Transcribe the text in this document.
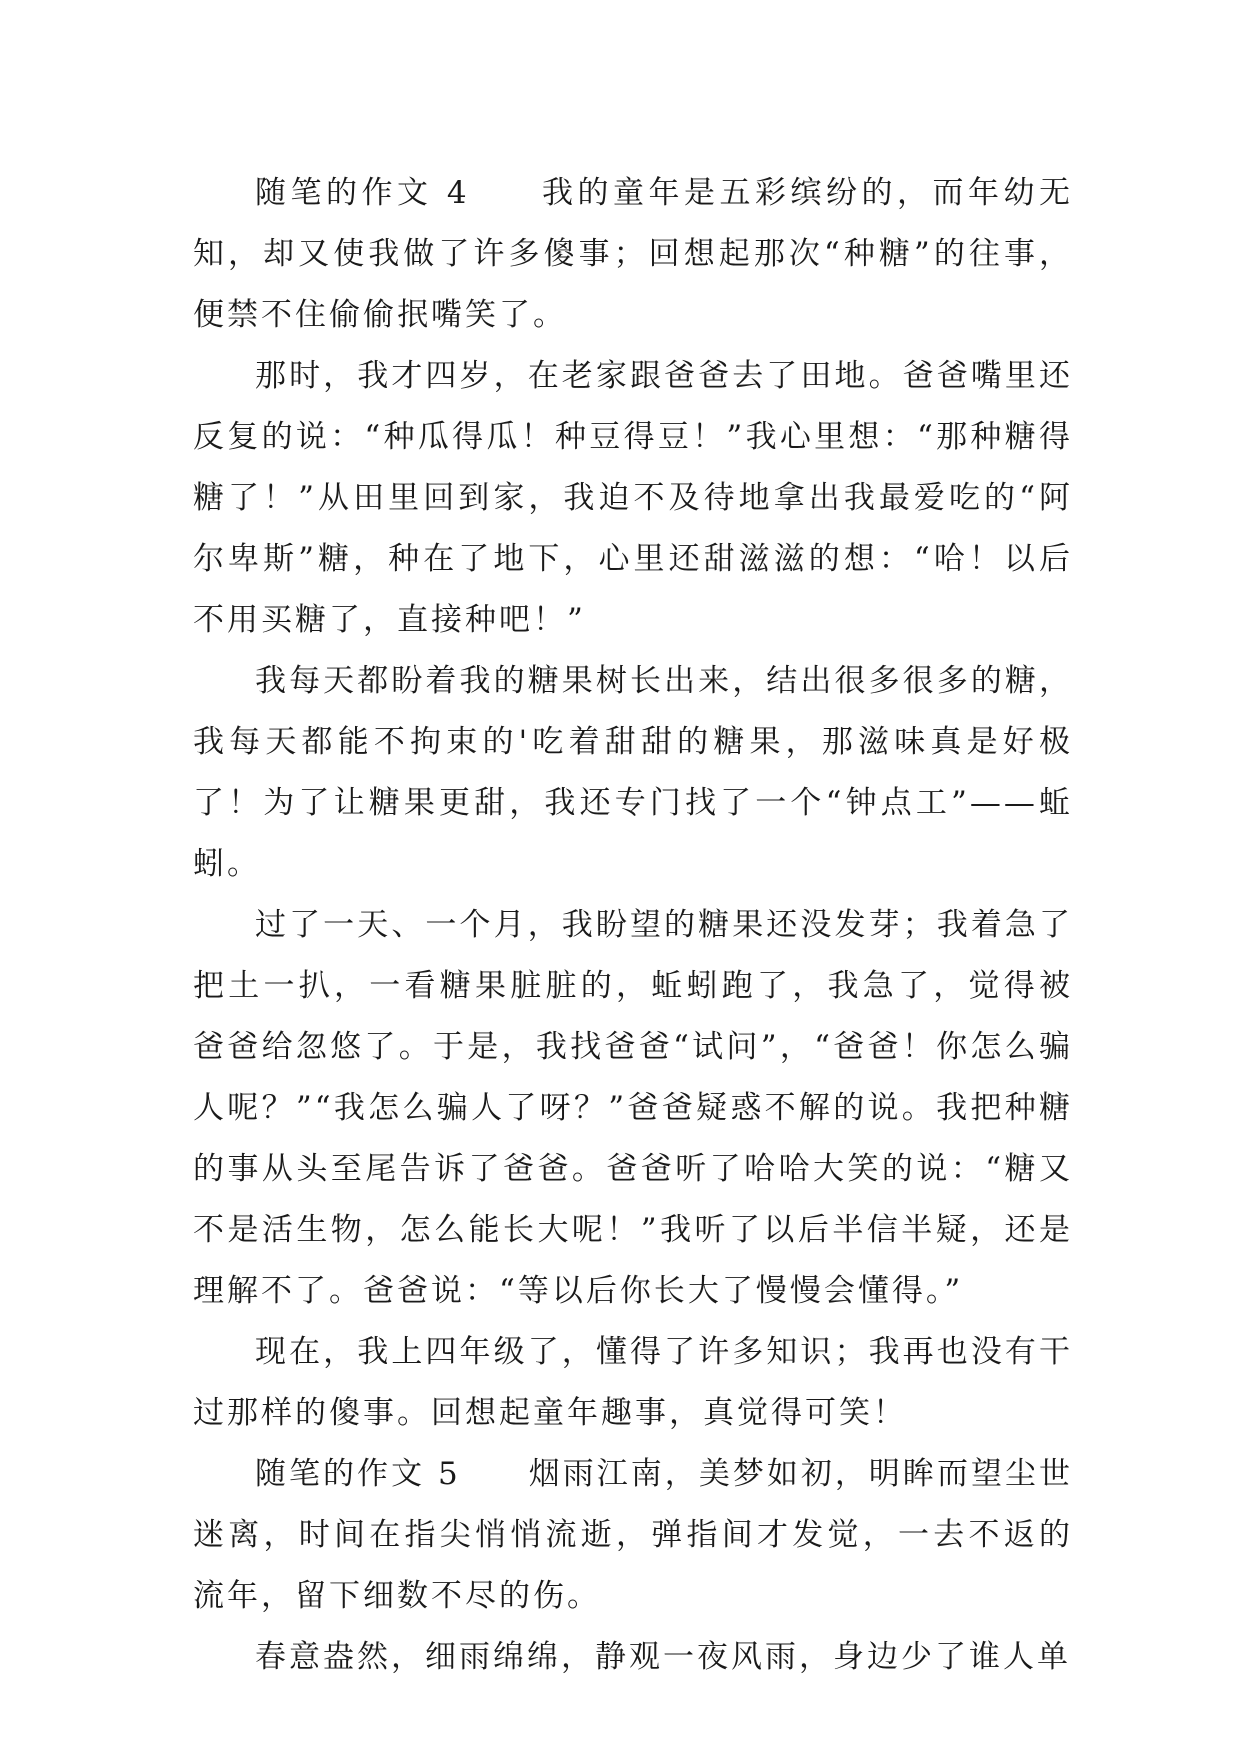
随笔的作文 4　　我的童年是五彩缤纷的，而年幼无知，却又使我做了许多傻事；回想起那次“种糖”的往事，便禁不住偷偷抿嘴笑了。

那时，我才四岁，在老家跟爸爸去了田地。爸爸嘴里还反复的说：“种瓜得瓜！种豆得豆！”我心里想：“那种糖得糖了！”从田里回到家，我迫不及待地拿出我最爱吃的“阿尔卑斯”糖，种在了地下，心里还甜滋滋的想：“哈！以后不用买糖了，直接种吧！”

我每天都盼着我的糖果树长出来，结出很多很多的糖，我每天都能不拘束的'吃着甜甜的糖果，那滋味真是好极了！为了让糖果更甜，我还专门找了一个“钟点工”——蚯蚓。

过了一天、一个月，我盼望的糖果还没发芽；我着急了把土一扒，一看糖果脏脏的，蚯蚓跑了，我急了，觉得被爸爸给忽悠了。于是，我找爸爸“试问”，“爸爸！你怎么骗人呢？”“我怎么骗人了呀？”爸爸疑惑不解的说。我把种糖的事从头至尾告诉了爸爸。爸爸听了哈哈大笑的说：“糖又不是活生物，怎么能长大呢！”我听了以后半信半疑，还是理解不了。爸爸说：“等以后你长大了慢慢会懂得。”

现在，我上四年级了，懂得了许多知识；我再也没有干过那样的傻事。回想起童年趣事，真觉得可笑！

随笔的作文 5　　烟雨江南，美梦如初，明眸而望尘世迷离，时间在指尖悄悄流逝，弹指间才发觉，一去不返的流年，留下细数不尽的伤。

春意盎然，细雨绵绵，静观一夜风雨，身边少了谁人单
